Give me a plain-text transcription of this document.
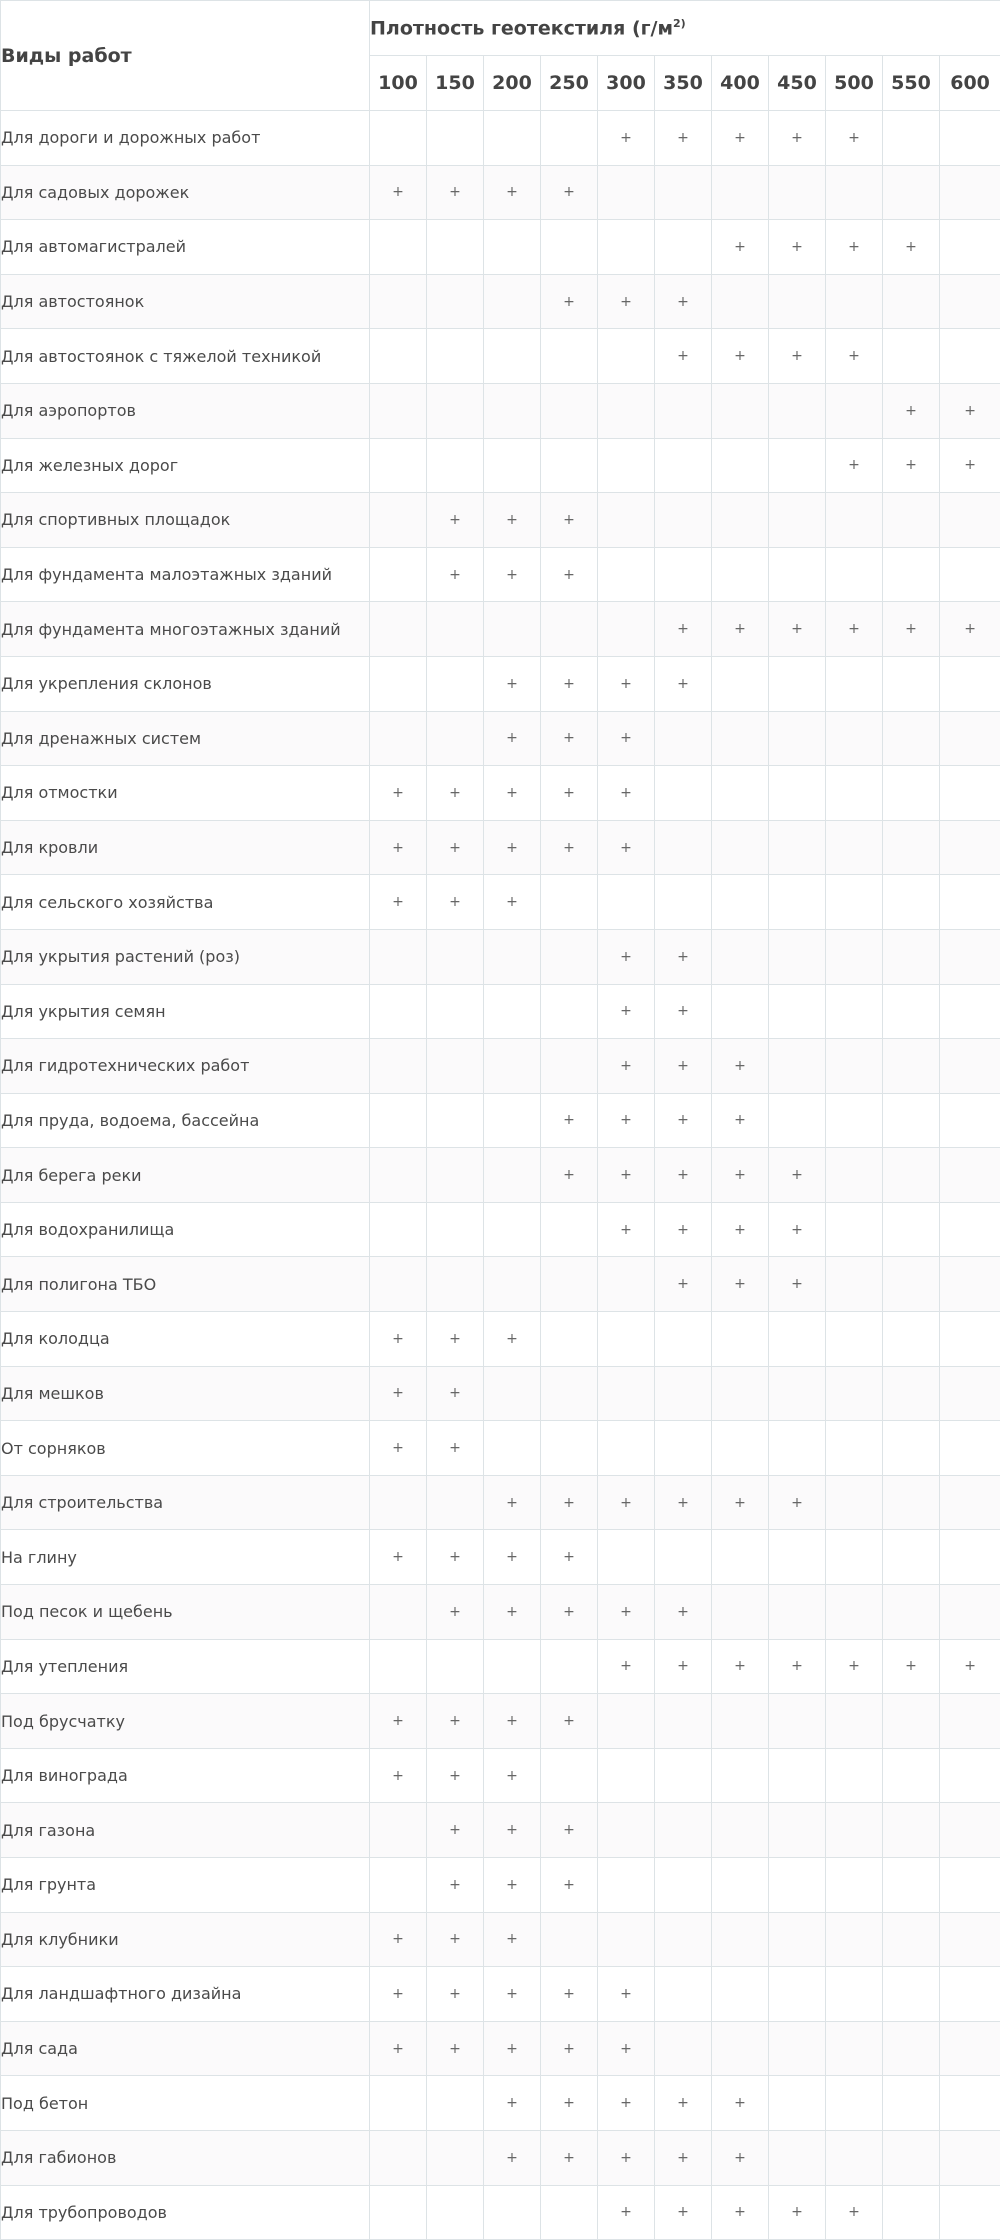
Виды работ	Плотность геотекстиля ($г/м^{2)}$
	100	150	200	250	300	350	400	450	500	550	600
Для дороги и дорожных работ					+	+	+	+	+		
Для садовых дорожек	+	+	+	+							
Для автомагистралей							+	+	+	+	
Для автостоянок				+	+	+					
Для автостоянок с тяжелой техникой						+	+	+	+		
Для аэропортов										+	+
Для железных дорог									+	+	+
Для спортивных площадок		+	+	+							
Для фундамента малоэтажных зданий		+	+	+							
Для фундамента многоэтажных зданий						+	+	+	+	+	+
Для укрепления склонов			+	+	+	+					
Для дренажных систем			+	+	+						
Для отмостки	+	+	+	+	+						
Для кровли	+	+	+	+	+						
Для сельского хозяйства	+	+	+								
Для укрытия растений (роз)					+	+					
Для укрытия семян					+	+					
Для гидротехнических работ					+	+	+				
Для пруда, водоема, бассейна				+	+	+	+				
Для берега реки				+	+	+	+	+			
Для водохранилища					+	+	+	+			
Для полигона ТБО						+	+	+			
Для колодца	+	+	+								
Для мешков	+	+									
От сорняков	+	+									
Для строительства			+	+	+	+	+	+			
На глину	+	+	+	+							
Под песок и щебень		+	+	+	+	+					
Для утепления					+	+	+	+	+	+	+
Под брусчатку	+	+	+	+							
Для винограда	+	+	+								
Для газона		+	+	+							
Для грунта		+	+	+							
Для клубники	+	+	+								
Для ландшафтного дизайна	+	+	+	+	+						
Для сада	+	+	+	+	+						
Под бетон			+	+	+	+	+				
Для габионов			+	+	+	+	+				
Для трубопроводов					+	+	+	+	+		
